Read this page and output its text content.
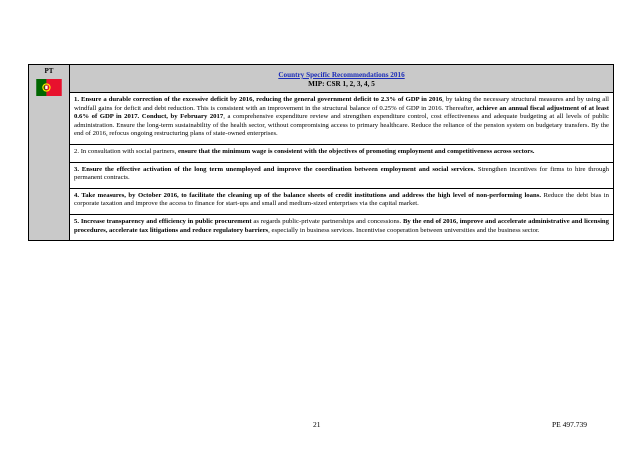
PT	Country Specific Recommendations 2016
MIP: CSR 1, 2, 3, 4, 5

1. Ensure a durable correction of the excessive deficit by 2016, reducing the general government deficit to 2.3% of GDP in 2016, by taking the necessary structural measures and by using all windfall gains for deficit and debt reduction. This is consistent with an improvement in the structural balance of 0.25% of GDP in 2016. Thereafter, achieve an annual fiscal adjustment of at least 0.6% of GDP in 2017. Conduct, by February 2017, a comprehensive expenditure review and strengthen expenditure control, cost effectiveness and adequate budgeting at all levels of public administration. Ensure the long-term sustainability of the health sector, without compromising access to primary healthcare. Reduce the reliance of the pension system on budgetary transfers. By the end of 2016, refocus ongoing restructuring plans of state-owned enterprises.
2. In consultation with social partners, ensure that the minimum wage is consistent with the objectives of promoting employment and competitiveness across sectors.
3. Ensure the effective activation of the long term unemployed and improve the coordination between employment and social services. Strengthen incentives for firms to hire through permanent contracts.
4. Take measures, by October 2016, to facilitate the cleaning up of the balance sheets of credit institutions and address the high level of non-performing loans. Reduce the debt bias in corporate taxation and improve the access to finance for start-ups and small and medium-sized enterprises via the capital market.
5. Increase transparency and efficiency in public procurement as regards public-private partnerships and concessions. By the end of 2016, improve and accelerate administrative and licensing procedures, accelerate tax litigations and reduce regulatory barriers, especially in business services. Incentivise cooperation between universities and the business sector.
21	PE 497.739
